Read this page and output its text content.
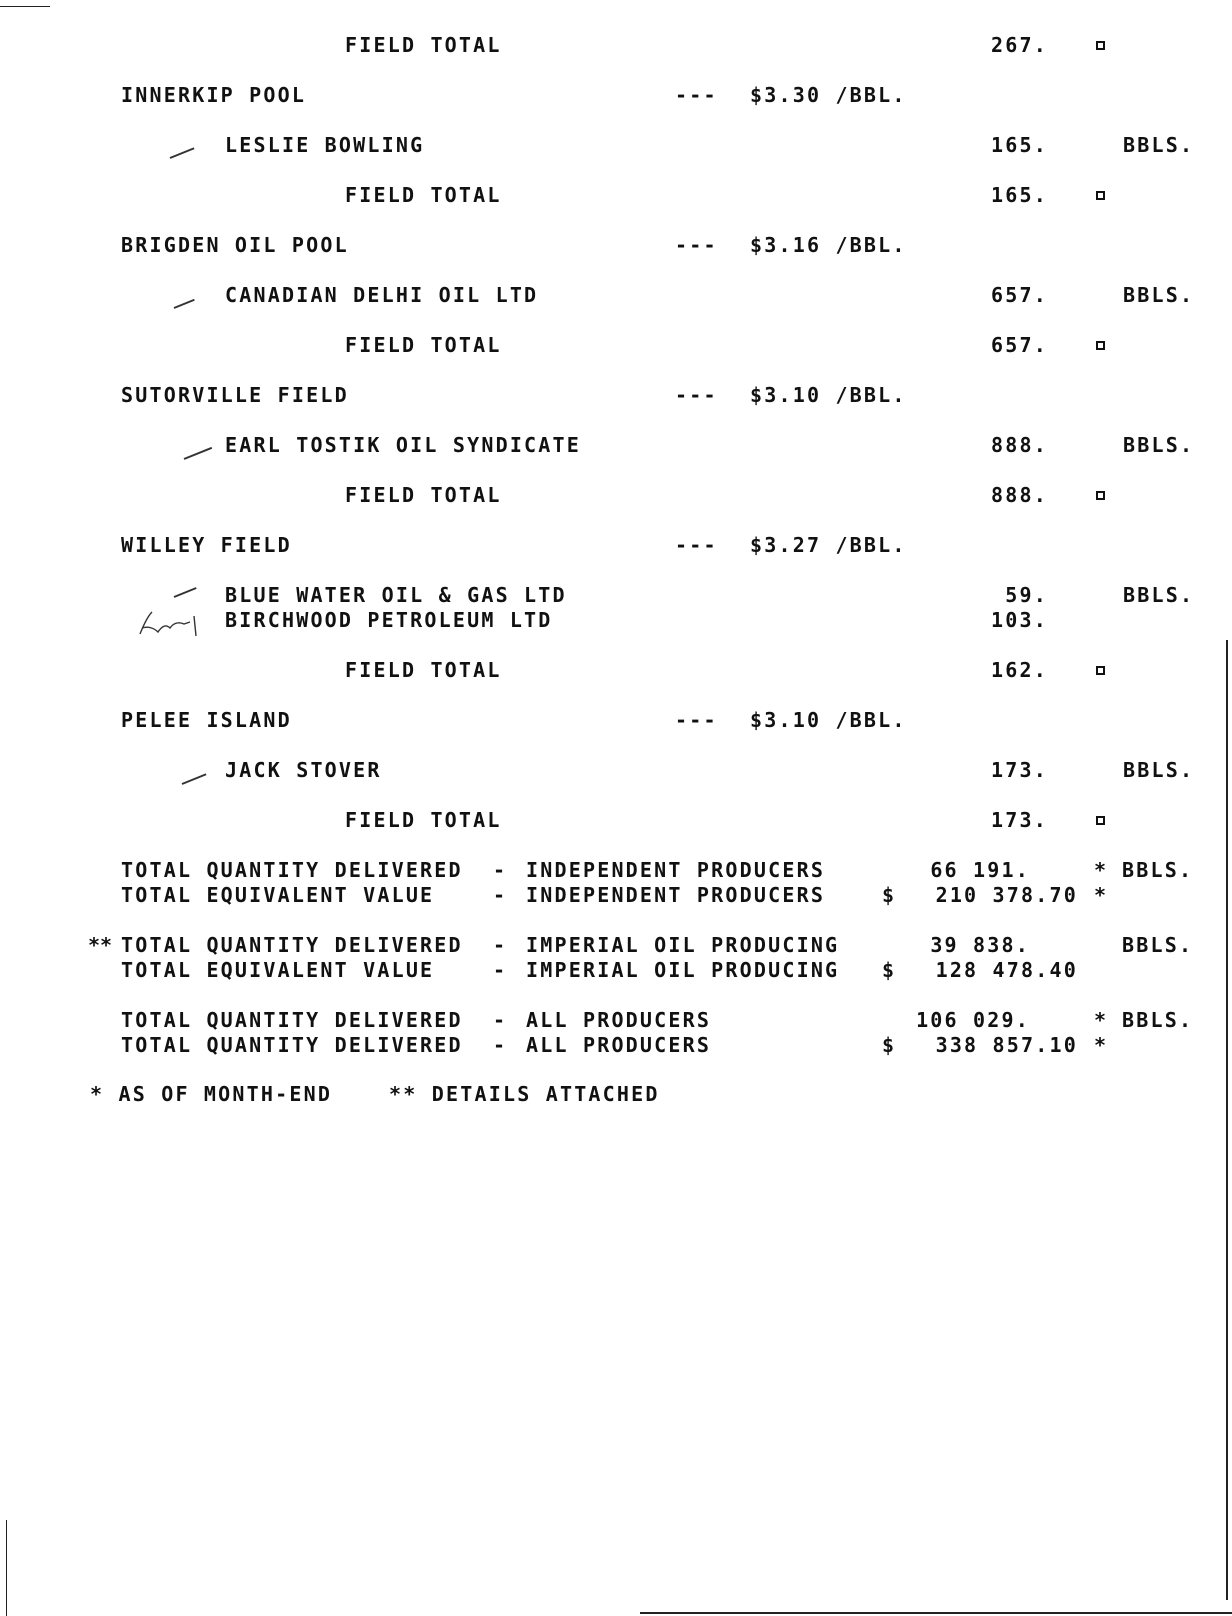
FIELD TOTAL	267.
INNERKIP POOL	--- $3.30 /BBL.
LESLIE BOWLING	165.	BBLS.
FIELD TOTAL	165.
BRIGDEN OIL POOL	--- $3.16 /BBL.
CANADIAN DELHI OIL LTD	657.	BBLS.
FIELD TOTAL	657.
SUTORVILLE FIELD	--- $3.10 /BBL.
EARL TOSTIK OIL SYNDICATE	888.	BBLS.
FIELD TOTAL	888.
WILLEY FIELD	--- $3.27 /BBL.
BLUE WATER OIL & GAS LTD	59.	BBLS.
BIRCHWOOD PETROLEUM LTD	103.
FIELD TOTAL	162.
PELEE ISLAND	--- $3.10 /BBL.
JACK STOVER	173.	BBLS.
FIELD TOTAL	173.
TOTAL QUANTITY DELIVERED - INDEPENDENT PRODUCERS	66 191.	* BBLS.
TOTAL EQUIVALENT VALUE	- INDEPENDENT PRODUCERS	$	210 378.70 *
** TOTAL QUANTITY DELIVERED - IMPERIAL OIL PRODUCING	39 838.	BBLS.
TOTAL EQUIVALENT VALUE	- IMPERIAL OIL PRODUCING $	128 478.40
TOTAL QUANTITY DELIVERED - ALL PRODUCERS	106 029.	* BBLS.
TOTAL QUANTITY DELIVERED - ALL PRODUCERS	$	338 857.10 *
* AS OF MONTH-END    ** DETAILS ATTACHED
